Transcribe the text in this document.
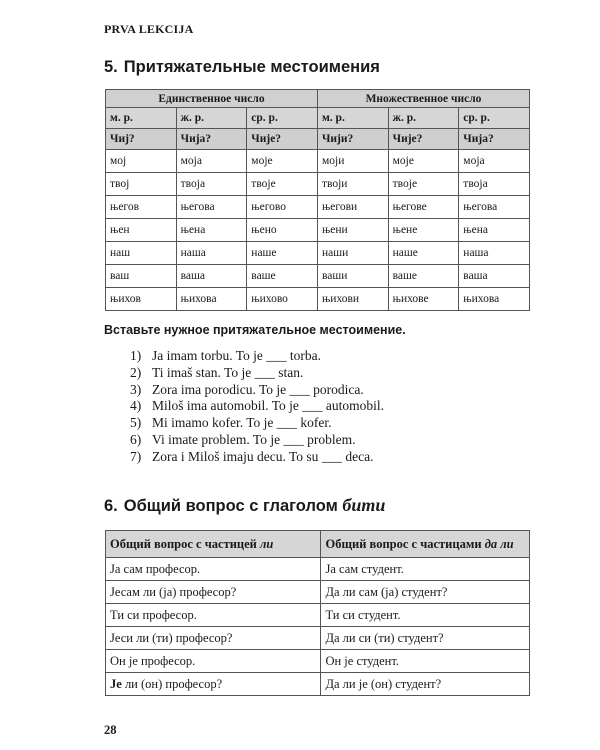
PRVA LEKCIJA
5. Притяжательные местоимения
Единственное число			Множественное число		
м. р.	ж. р.	ср. р.	м. р.	ж. р.	ср. р.
Чиј?	Чија?	Чије?	Чији?	Чије?	Чија?
мој	моја	моје	моји	моје	моја
твој	твоја	твоје	твоји	твоје	твоја
његов	његова	његово	његови	његове	његова
њен	њена	њено	њени	њене	њена
наш	наша	наше	наши	наше	наша
ваш	ваша	ваше	ваши	ваше	ваша
њихов	њихова	њихово	њихови	њихове	њихова
Вставьте нужное притяжательное местоимение.
1) Ja imam torbu. To je ___ torba.
2) Ti imaš stan. To je ___ stan.
3) Zora ima porodicu. To je ___ porodica.
4) Miloš ima automobil. To je ___ automobil.
5) Mi imamo kofer. To je ___ kofer.
6) Vi imate problem. To je ___ problem.
7) Zora i Miloš imaju decu. To su ___ deca.
6. Общий вопрос с глаголом бити
Общий вопрос с частицей ли	Общий вопрос с частицами да ли
Ја сам професор.	Ја сам студент.
Јесам ли (ја) професор?	Да ли сам (ја) студент?
Ти си професор.	Ти си студент.
Јеси ли (ти) професор?	Да ли си (ти) студент?
Он је професор.	Он је студент.
Је ли (он) професор?	Да ли је (он) студент?
28
